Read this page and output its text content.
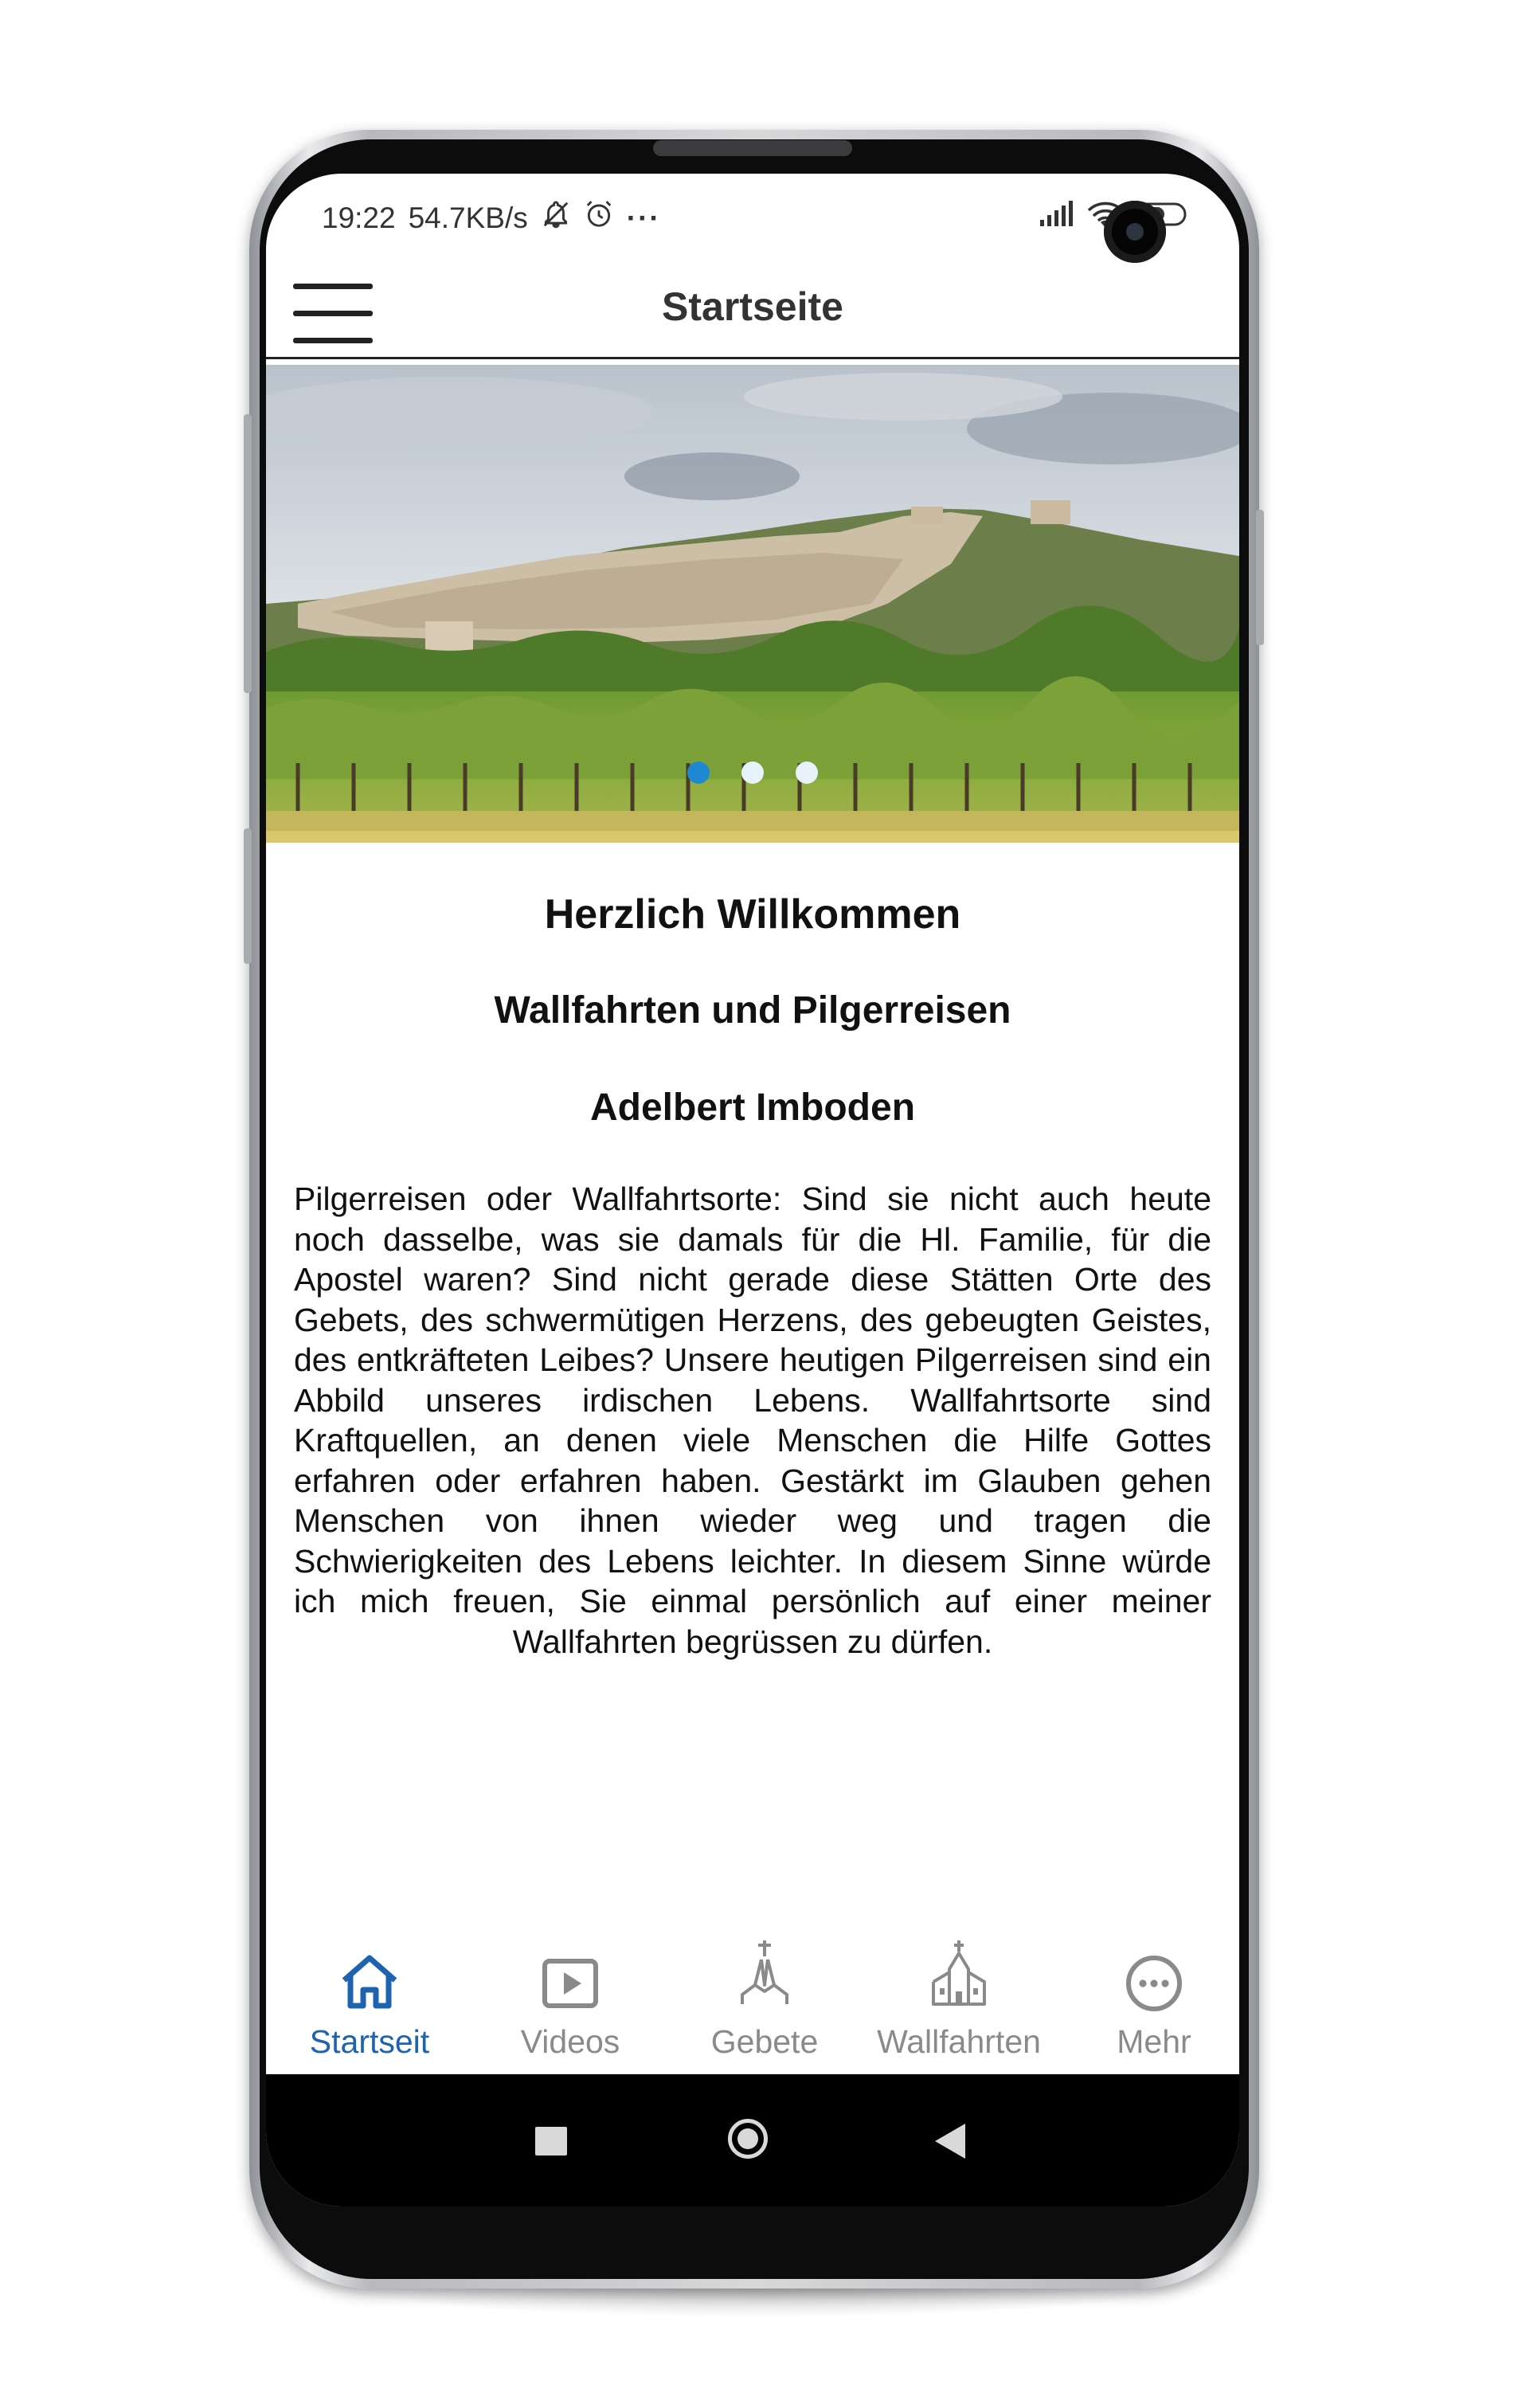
19:22 54.7KB/s	···
Startseite
Herzlich Willkommen
Wallfahrten und Pilgerreisen
Adelbert Imboden
Pilgerreisen oder Wallfahrtsorte: Sind sie nicht auch heute noch dasselbe, was sie damals für die Hl. Familie, für die Apostel waren? Sind nicht gerade diese Stätten Orte des Gebets, des schwermütigen Herzens, des gebeugten Geistes, des entkräfteten Leibes? Unsere heutigen Pilgerreisen sind ein Abbild unseres irdischen Lebens. Wallfahrtsorte sind Kraftquellen, an denen viele Menschen die Hilfe Gottes erfahren oder erfahren haben. Gestärkt im Glauben gehen Menschen von ihnen wieder weg und tragen die Schwierigkeiten des Lebens leichter. In diesem Sinne würde ich mich freuen, Sie einmal persönlich auf einer meiner Wallfahrten begrüssen zu dürfen.
Startseit	Videos	Gebete	Wallfahrten	Mehr
